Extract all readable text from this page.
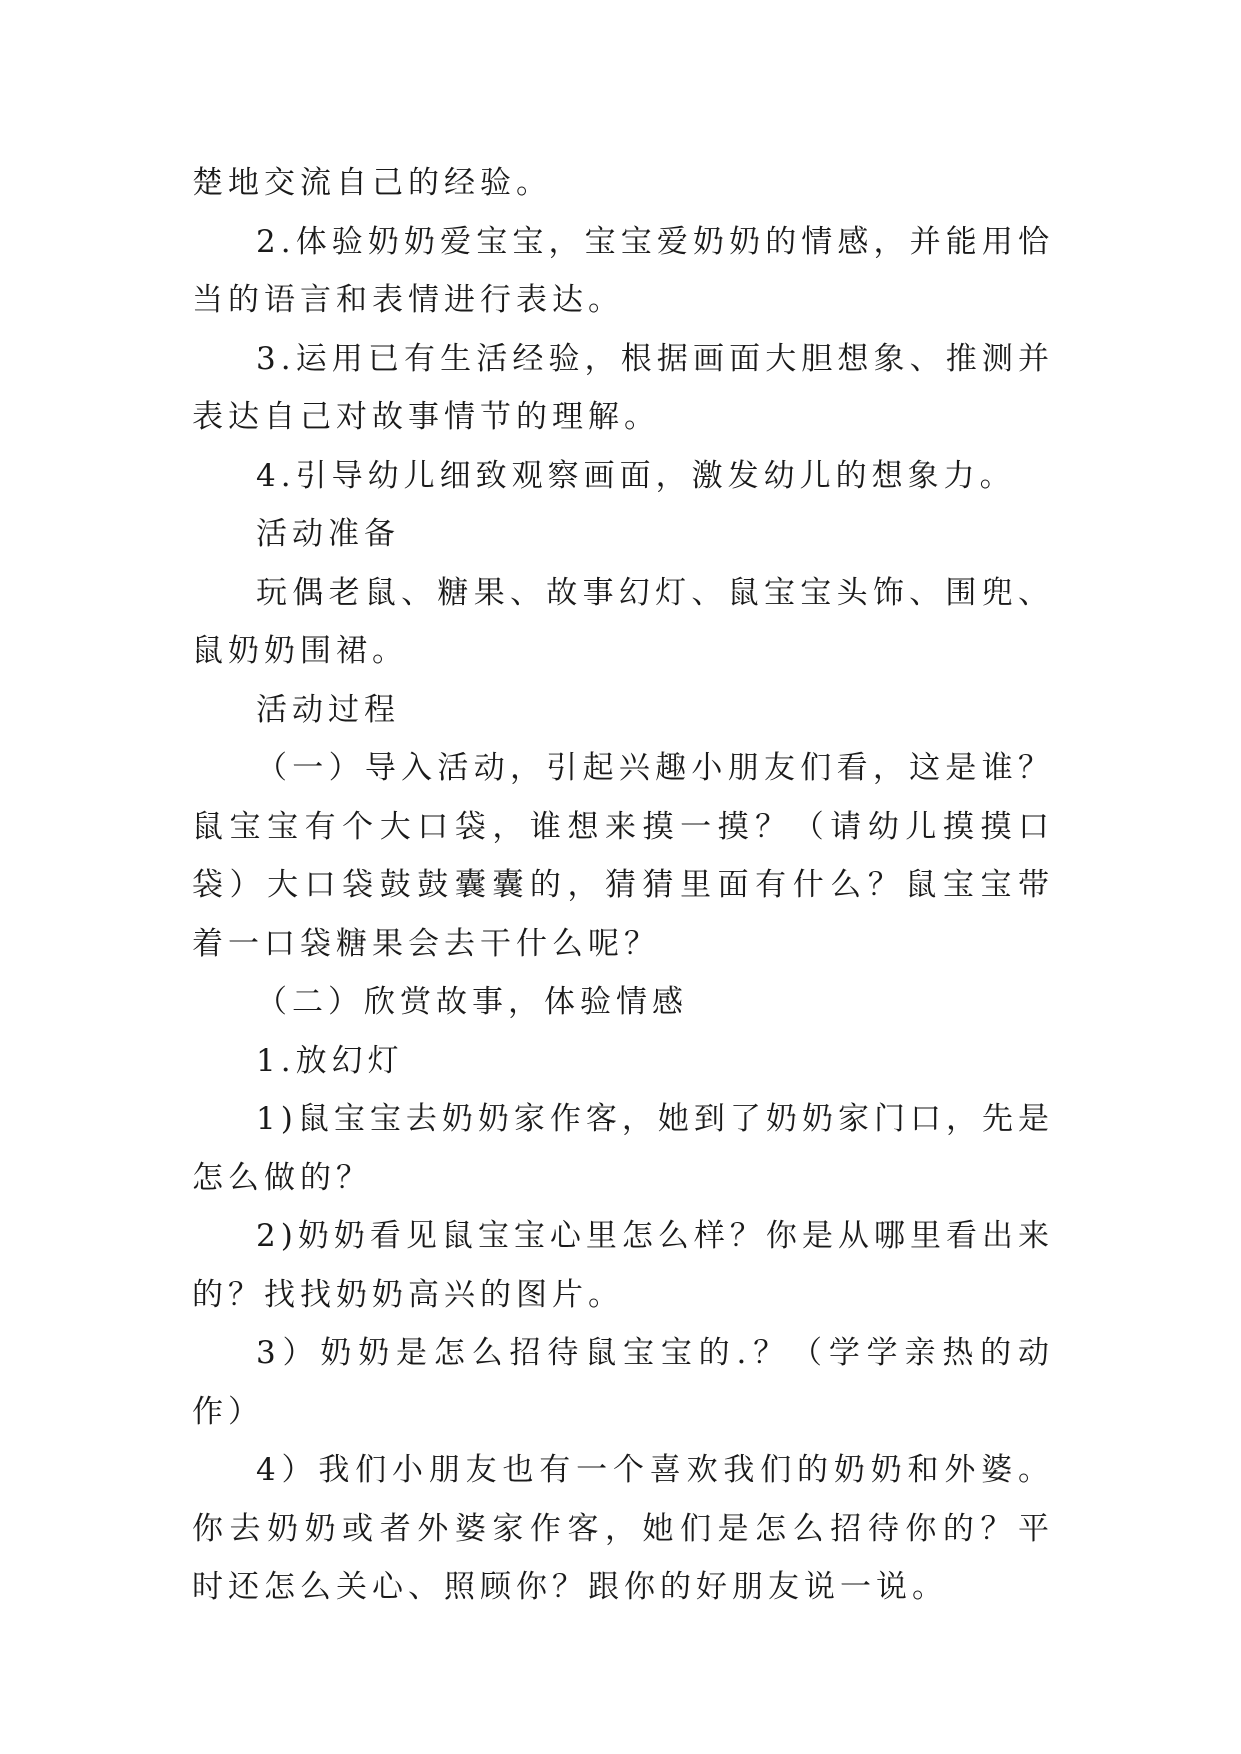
楚地交流自己的经验。

2.体验奶奶爱宝宝，宝宝爱奶奶的情感，并能用恰当的语言和表情进行表达。

3.运用已有生活经验，根据画面大胆想象、推测并表达自己对故事情节的理解。

4.引导幼儿细致观察画面，激发幼儿的想象力。

活动准备

玩偶老鼠、糖果、故事幻灯、鼠宝宝头饰、围兜、鼠奶奶围裙。

活动过程

（一）导入活动，引起兴趣小朋友们看，这是谁？鼠宝宝有个大口袋，谁想来摸一摸？（请幼儿摸摸口袋）大口袋鼓鼓囊囊的，猜猜里面有什么？鼠宝宝带着一口袋糖果会去干什么呢？

（二）欣赏故事，体验情感

1.放幻灯

1)鼠宝宝去奶奶家作客，她到了奶奶家门口，先是怎么做的？

2)奶奶看见鼠宝宝心里怎么样？你是从哪里看出来的？找找奶奶高兴的图片。

3）奶奶是怎么招待鼠宝宝的.？（学学亲热的动作）

4）我们小朋友也有一个喜欢我们的奶奶和外婆。你去奶奶或者外婆家作客，她们是怎么招待你的？平时还怎么关心、照顾你？跟你的好朋友说一说。
